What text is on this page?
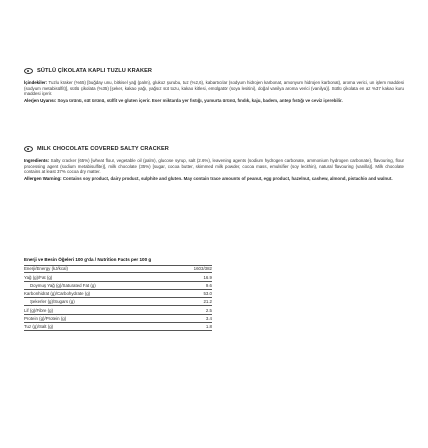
SÜTLÜ ÇİKOLATA KAPLI TUZLU KRAKER

İçindekiler: Tuzlu kraker (%65) [buğday unu, bitkisel yağ (palm), glukoz şurubu, tuz (%2,6), kabartıcılar (sodyum hidrojen karbonat, amonyum hidrojen karbonat), aroma verici, un işlem maddesi (sodyum metabisülfit)], sütlü çikolata (%35) [şeker, kakao yağı, yağsız süt tozu, kakao kitlesi, emülgatör (soya lesitini), doğal vanilya aroma verici (vanilya)]. Sütlü çikolata en az %37 kakao kuru maddesi içerir.

Alerjen Uyarısı: Soya ürünü, süt ürünü, sülfit ve gluten içerir. Eser miktarda yer fıstığı, yumurta ürünü, fındık, kaju, badem, antep fıstığı ve ceviz içerebilir.

MILK CHOCOLATE COVERED SALTY CRACKER

Ingredients: Salty cracker (65%) [wheat flour, vegetable oil (palm), glucose syrup, salt (2.6%), leavening agents (sodium hydrogen carbonate, ammonium hydrogen carbonate), flavouring, flour processing agent (sodium metabisulfite)], milk chocolate (35%) [sugar, cocoa butter, skimmed milk powder, cocoa mass, emulsifier (soy lecithin), natural flavouring (vanilla)]. Milk chocolate contains at least 37% cocoa dry matter.

Allergen Warning: Contains soy product, dairy product, sulphite and gluten. May contain trace amounts of peanut, egg product, hazelnut, cashew, almond, pistachio and walnut.

Enerji ve Besin Öğeleri 100 g'da / Nutrition Facts per 100 g
Enerji/Energy (kJ/kcal)	1603/382
Yağ (g)/Fat (g)	16.9
Doymuş Yağ (g)/Saturated Fat (g)	9.6
Karbonhidrat (g)/Carbohydrate (g)	53.0
Şekerler (g)/Sugars (g)	21.2
Lif (g)/Fibre (g)	2.5
Protein (g)/Protein (g)	3.4
Tuz (g)/Salt (g)	1.8
